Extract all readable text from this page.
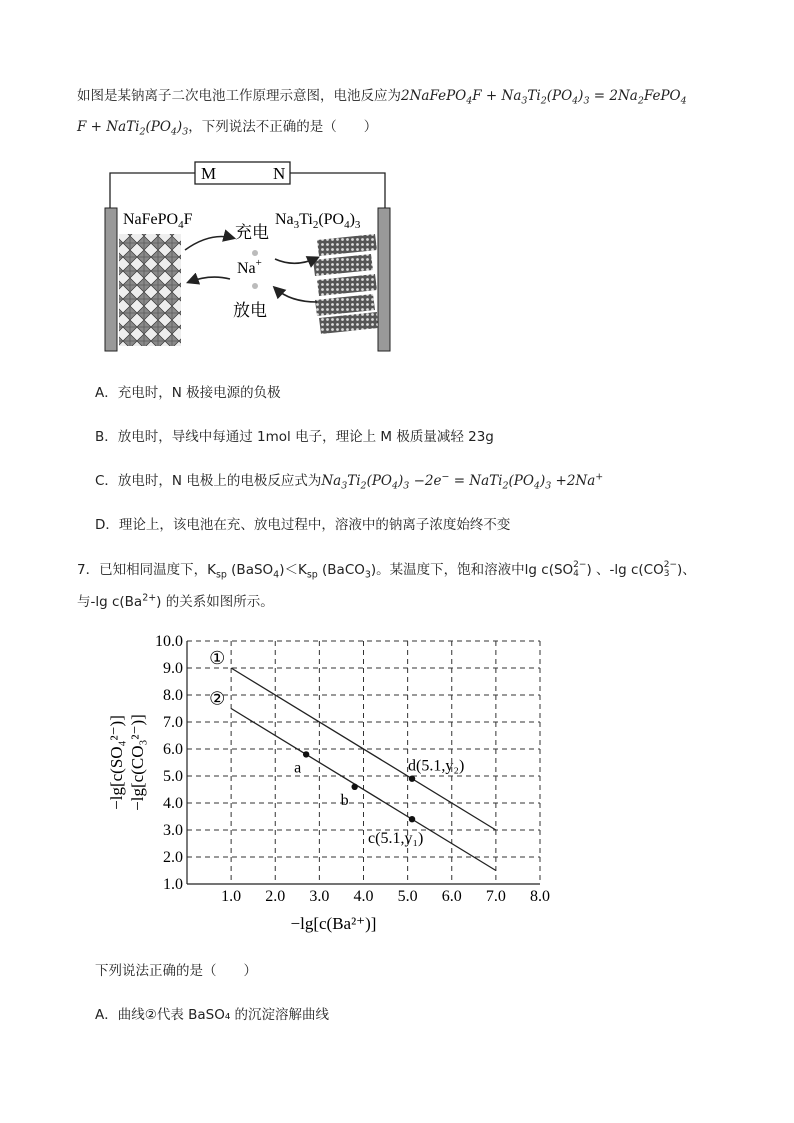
如图是某钠离子二次电池工作原理示意图，电池反应为2NaFePO$_4$F + $Na_3Ti_2(PO_4)_3$ = $2Na_2FePO_4$
$F + NaTi_2(PO_4)_3$，下列说法不正确的是（　　）
M	N
NaFePO$_4$F	$Na_3Ti_2(PO_4)_3$
充电
Na+
放电
A．充电时，N 极接电源的负极
B．放电时，导线中每通过 1mol 电子，理论上 M 极质量减轻 23g
C．放电时，N 电极上的电极反应式为$Na_3Ti_2(PO_4)_3 -2e^-$ = $NaTi_2(PO_4)_3 +2Na^+$
D．理论上，该电池在充、放电过程中，溶液中的钠离子浓度始终不变
7．已知相同温度下，$K_{sp}$ $(BaSO_4)<K_{sp}$ (BaCO$_3$)。某温度下，饱和溶液中lg c(SO 2−
4 ) 、-lg c(CO 2−
3 )、
与-lg $c(Ba^{2+})$ 的关系如图所示。
1.0 2.0 3.0 4.0 5.0 6.0 7.0 8.0
1.0
2.0
3.0
4.0
5.0
6.0
7.0
8.0
9.0
10.0
①
②
a
b
d(5.1,y₂)
c(5.1,y₁)
−lg[c(Ba²⁺)]
−lg[c(SO₄²⁻)] −lg[c(CO₃²⁻)]
下列说法正确的是（　　）
A．曲线②代表 BaSO₄ 的沉淀溶解曲线
